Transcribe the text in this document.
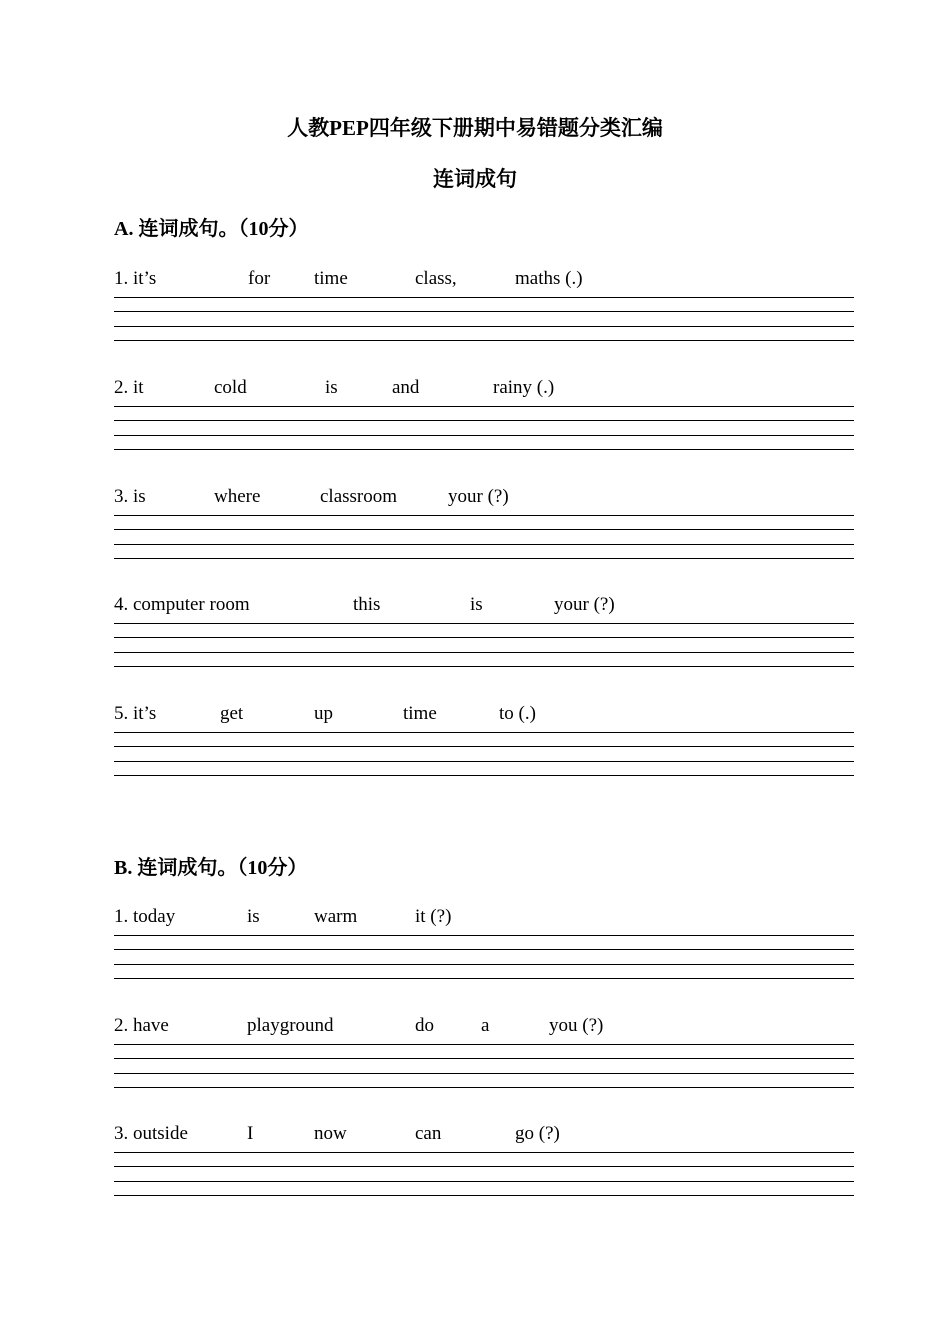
人教PEP四年级下册期中易错题分类汇编
连词成句
A. 连词成句。（10分）
1. it’s	for time	class,	maths (.)
2. it	cold	is	and	rainy (.)
3. is	where	classroom	your (?)
4. computer room	this	is	your (?)
5. it’s	get	up	time	to (.)
B. 连词成句。（10分）
1. today	is	warm	it (?)
2. have	playground	do a	you (?)
3. outside	I	now	can	go (?)
